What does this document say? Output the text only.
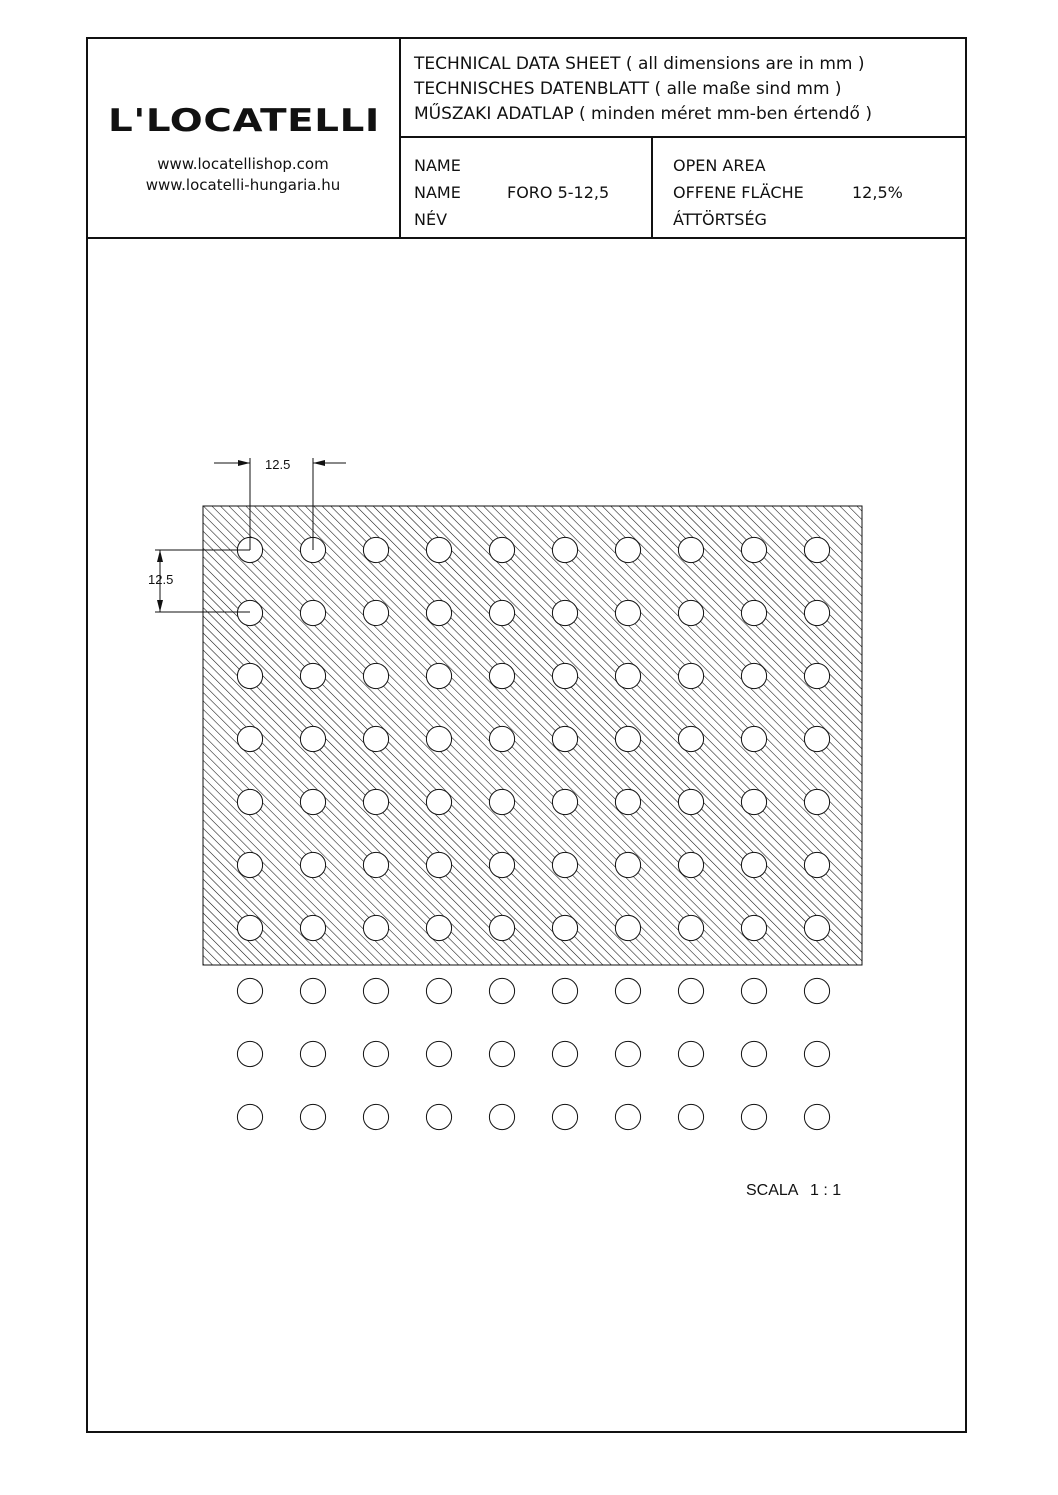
L'LOCATELLI
www.locatellishop.com
www.locatelli-hungaria.hu
TECHNICAL DATA SHEET ( all dimensions are in mm )
TECHNISCHES DATENBLATT ( alle maße sind mm )
MŰSZAKI ADATLAP ( minden méret mm-ben értendő )
NAME
NAME
NÉV
FORO 5-12,5
OPEN AREA
OFFENE FLÄCHE
ÁTTÖRTSÉG
12,5%
12.5
12.5
SCALA 1 : 1
